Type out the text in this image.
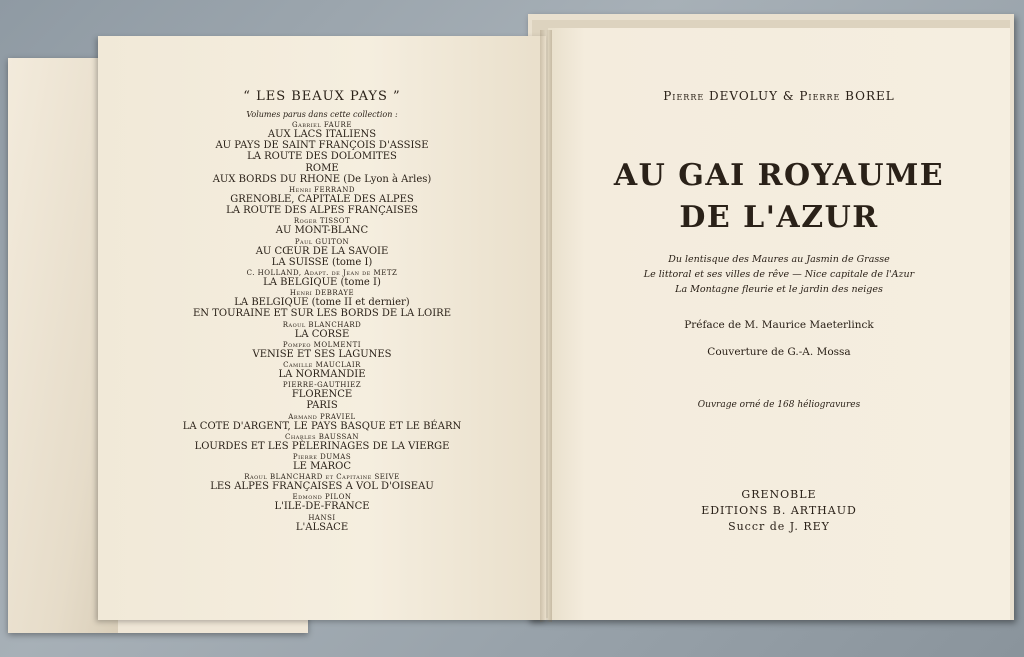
“ LES BEAUX PAYS ”
Volumes parus dans cette collection :
Gabriel FAURE
AUX LACS ITALIENS
AU PAYS DE SAINT FRANÇOIS D'ASSISE
LA ROUTE DES DOLOMITES
ROME
AUX BORDS DU RHONE (De Lyon à Arles)
Henri FERRAND
GRENOBLE, CAPITALE DES ALPES
LA ROUTE DES ALPES FRANÇAISES
Roger TISSOT
AU MONT-BLANC
Paul GUITON
AU CŒUR DE LA SAVOIE
LA SUISSE (tome I)
C. HOLLAND, Adapt. de Jean de METZ
LA BELGIQUE (tome I)
Henri DEBRAYE
LA BELGIQUE (tome II et dernier)
EN TOURAINE ET SUR LES BORDS DE LA LOIRE
Raoul BLANCHARD
LA CORSE
Pompeo MOLMENTI
VENISE ET SES LAGUNES
Camille MAUCLAIR
LA NORMANDIE
PIERRE-GAUTHIEZ
FLORENCE
PARIS
Armand PRAVIEL
LA COTE D'ARGENT, LE PAYS BASQUE ET LE BÉARN
Charles BAUSSAN
LOURDES ET LES PÈLERINAGES DE LA VIERGE
Pierre DUMAS
LE MAROC
Raoul BLANCHARD et Capitaine SEIVE
LES ALPES FRANÇAISES A VOL D'OISEAU
Edmond PILON
L'ILE-DE-FRANCE
HANSI
L'ALSACE
Pierre DEVOLUY & Pierre BOREL
AU GAI ROYAUME
DE L'AZUR
Du lentisque des Maures au Jasmin de Grasse
Le littoral et ses villes de rêve — Nice capitale de l'Azur
La Montagne fleurie et le jardin des neiges
Préface de M. Maurice Maeterlinck
Couverture de G.-A. Mossa
Ouvrage orné de 168 héliogravures
GRENOBLE
EDITIONS B. ARTHAUD
Succr de J. REY
